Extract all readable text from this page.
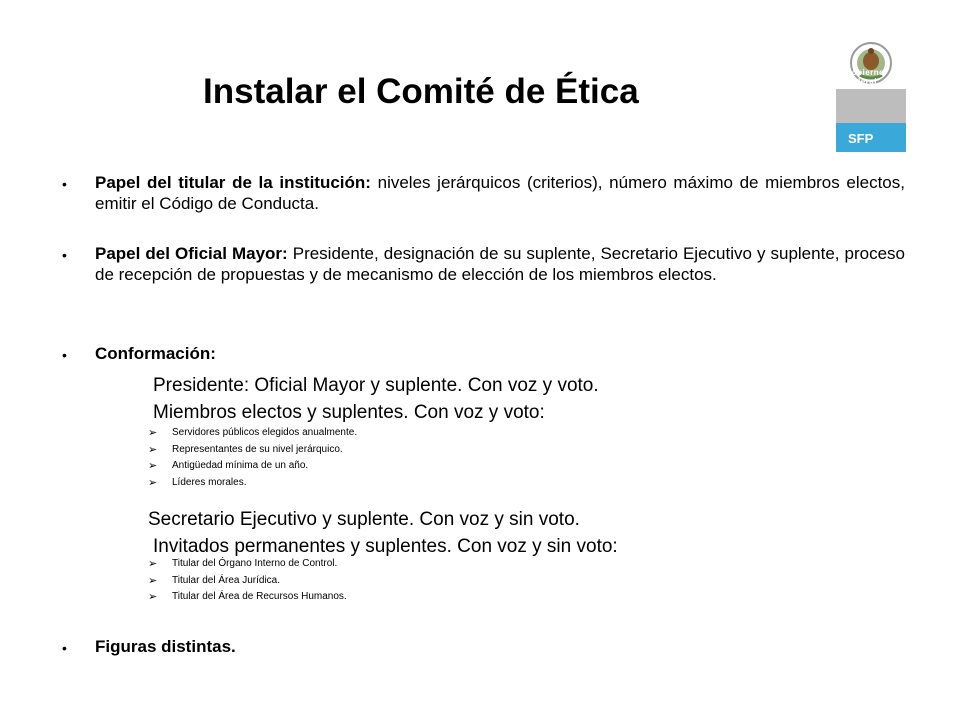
Instalar el Comité de Ética	Gobierno
Federal
SFP
• Papel del titular de la institución: niveles jerárquicos (criterios), número máximo de miembros electos, emitir el Código de Conducta.

• Papel del Oficial Mayor: Presidente, designación de su suplente, Secretario Ejecutivo y suplente, proceso de recepción de propuestas y de mecanismo de elección de los miembros electos.

• Conformación:

Presidente: Oficial Mayor y suplente. Con voz y voto.
Miembros electos y suplentes. Con voz y voto:
➢ Servidores públicos elegidos anualmente.
➢ Representantes de su nivel jerárquico.
➢ Antigüedad mínima de un año.
➢ Líderes morales.
Secretario Ejecutivo y suplente. Con voz y sin voto.
Invitados permanentes y suplentes. Con voz y sin voto:
➢ Titular del Órgano Interno de Control.
➢ Titular del Área Jurídica.
➢ Titular del Área de Recursos Humanos.
• Figuras distintas.
